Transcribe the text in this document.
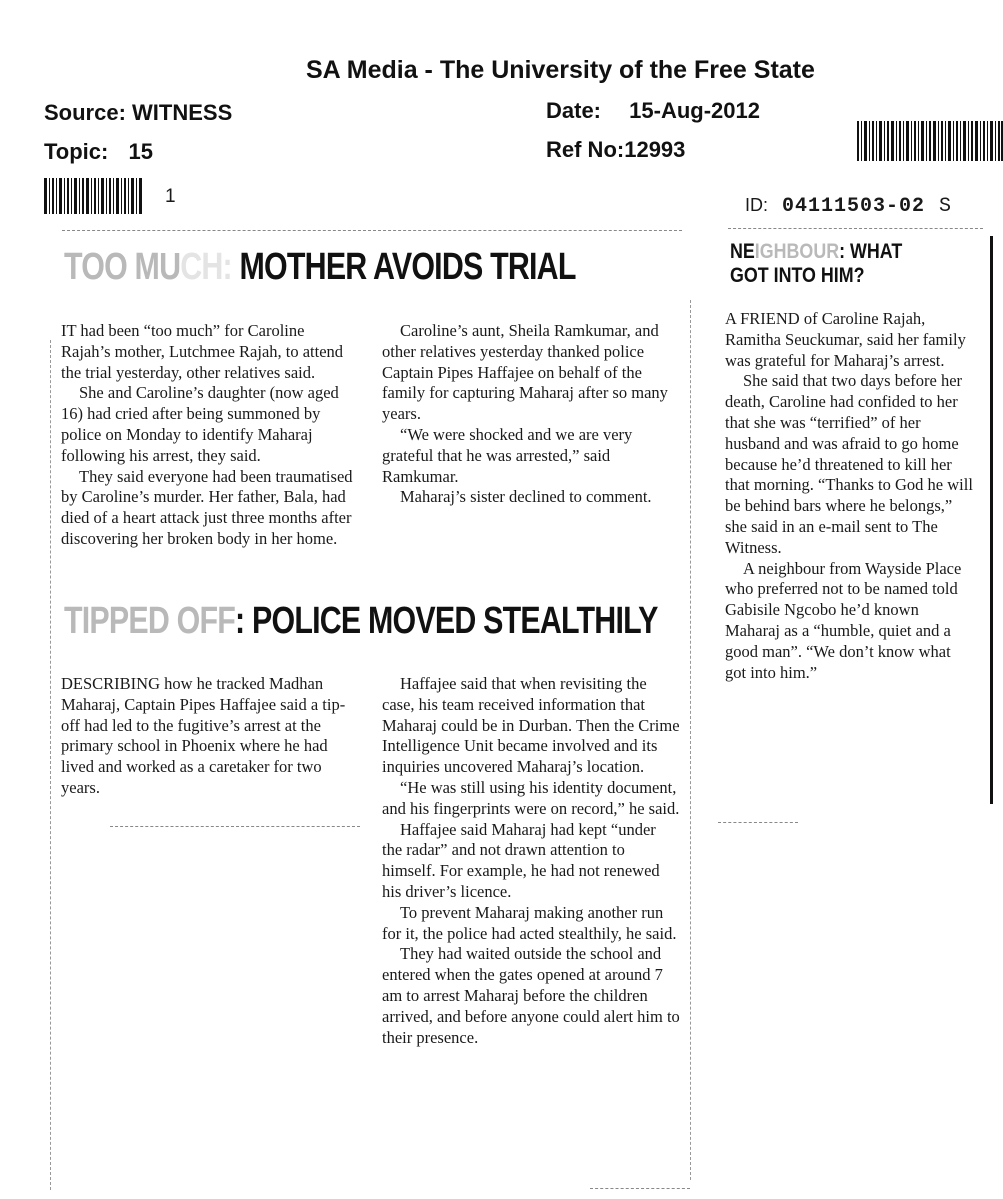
SA Media - The University of the Free State
Source: WITNESS
Topic: 15
Date: 15-Aug-2012
Ref No:12993
1	ID: 04111503-02 S
TOO MUCH: MOTHER AVOIDS TRIAL

IT had been “too much” for Caroline Rajah’s mother, Lutchmee Rajah, to attend the trial yesterday, other relatives said.

She and Caroline’s daughter (now aged 16) had cried after being summoned by police on Monday to identify Maharaj following his arrest, they said.

They said everyone had been traumatised by Caroline’s murder. Her father, Bala, had died of a heart attack just three months after discovering her broken body in her home.

Caroline’s aunt, Sheila Ramkumar, and other relatives yesterday thanked police Captain Pipes Haffajee on behalf of the family for capturing Maharaj after so many years.

“We were shocked and we are very grateful that he was arrested,” said Ramkumar.

Maharaj’s sister declined to comment.

TIPPED OFF: POLICE MOVED STEALTHILY

DESCRIBING how he tracked Madhan Maharaj, Captain Pipes Haffajee said a tip-off had led to the fugitive’s arrest at the primary school in Phoenix where he had lived and worked as a caretaker for two years.

Haffajee said that when revisiting the case, his team received information that Maharaj could be in Durban. Then the Crime Intelligence Unit became involved and its inquiries uncovered Maharaj’s location.

“He was still using his identity document, and his fingerprints were on record,” he said.

Haffajee said Maharaj had kept “under the radar” and not drawn attention to himself. For example, he had not renewed his driver’s licence.

To prevent Maharaj making another run for it, the police had acted stealthily, he said.

They had waited outside the school and entered when the gates opened at around 7 am to arrest Maharaj before the children arrived, and before anyone could alert him to their presence.

NEIGHBOUR: WHAT
GOT INTO HIM?

A FRIEND of Caroline Rajah, Ramitha Seuckumar, said her family was grateful for Maharaj’s arrest.

She said that two days before her death, Caroline had confided to her that she was “terrified” of her husband and was afraid to go home because he’d threatened to kill her that morning. “Thanks to God he will be behind bars where he belongs,” she said in an e-mail sent to The Witness.

A neighbour from Wayside Place who preferred not to be named told Gabisile Ngcobo he’d known Maharaj as a “humble, quiet and a good man”. “We don’t know what got into him.”
